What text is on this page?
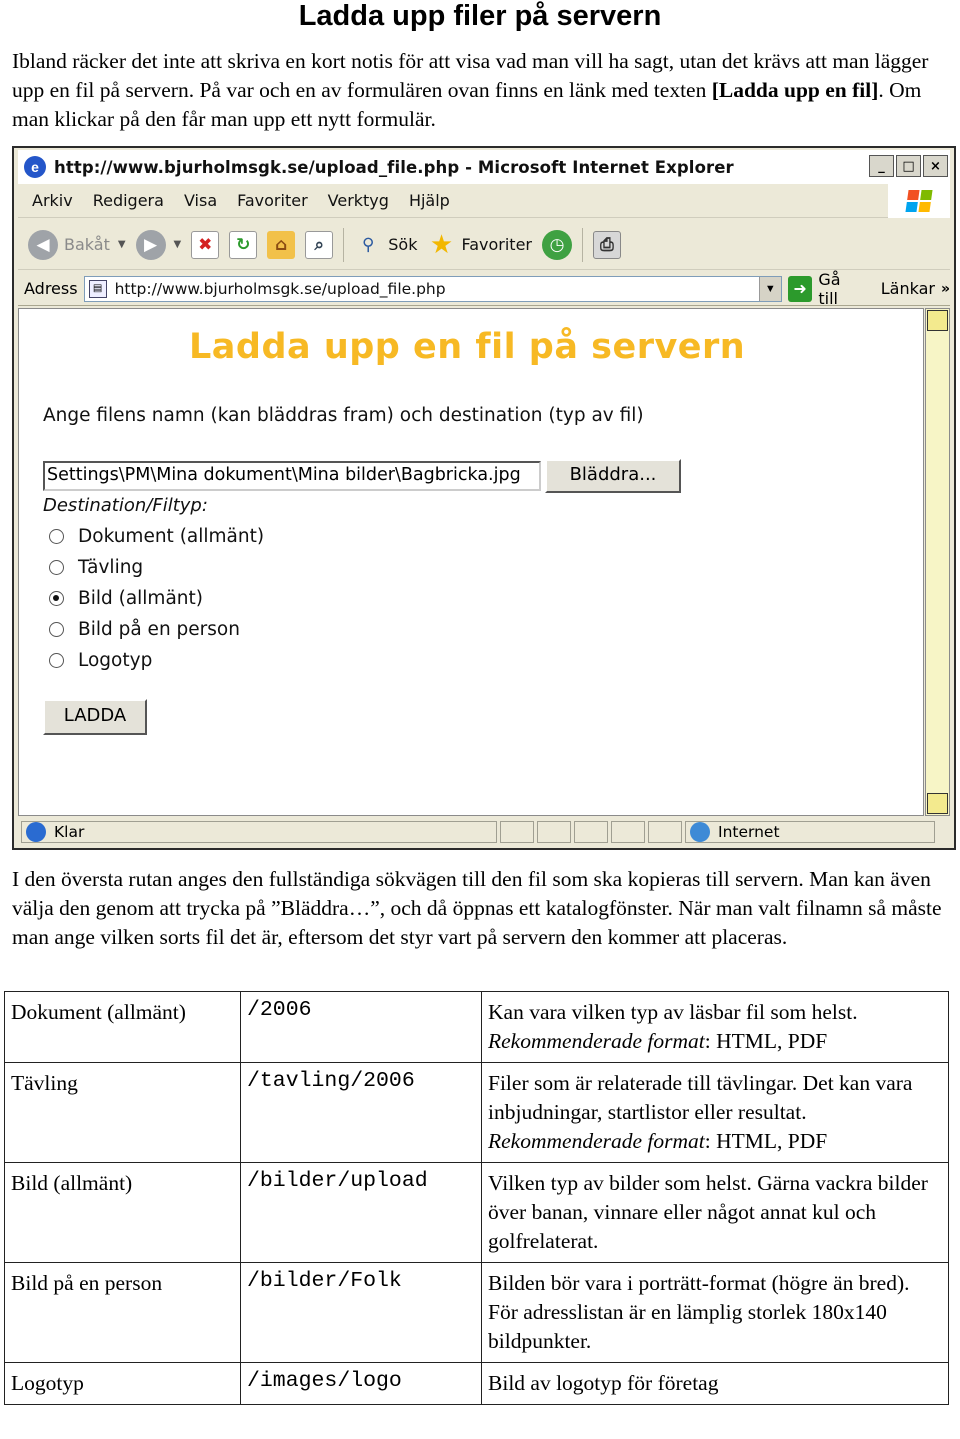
Ladda upp filer på servern
Ibland räcker det inte att skriva en kort notis för att visa vad man vill ha sagt, utan det krävs att man lägger upp en fil på servern. På var och en av formulären ovan finns en länk med texten [Ladda upp en fil]. Om man klickar på den får man upp ett nytt formulär.
e http://www.bjurholmsgk.se/upload_file.php - Microsoft Internet Explorer	_	□	×
Arkiv Redigera Visa Favoriter Verktyg Hjälp
◀ Bakåt ▼	▶	▼ ✖	↻	⌂	⌕	⚲ Sök ★ Favoriter	◷	⎙
Adress	▤ http://www.bjurholmsgk.se/upload_file.php	▼	➜ Gå till	Länkar »
Ladda upp en fil på servern
Ange filens namn (kan bläddras fram) och destination (typ av fil)
Settings\PM\Mina dokument\Mina bilder\Bagbricka.jpg	Bläddra...
Destination/Filtyp:
Dokument (allmänt)
Tävling
Bild (allmänt)
Bild på en person
Logotyp
LADDA
Klar	Internet
I den översta rutan anges den fullständiga sökvägen till den fil som ska kopieras till servern. Man kan även välja den genom att trycka på ”Bläddra…”, och då öppnas ett katalogfönster. När man valt filnamn så måste man ange vilken sorts fil det är, eftersom det styr vart på servern den kommer att placeras.
Dokument (allmänt)	/2006	Kan vara vilken typ av läsbar fil som helst.
Rekommenderade format: HTML, PDF
Tävling	/tavling/2006	Filer som är relaterade till tävlingar. Det kan vara inbjudningar, startlistor eller resultat.
Rekommenderade format: HTML, PDF
Bild (allmänt)	/bilder/upload	Vilken typ av bilder som helst. Gärna vackra bilder över banan, vinnare eller något annat kul och golfrelaterat.
Bild på en person	/bilder/Folk	Bilden bör vara i porträtt-format (högre än bred). För adresslistan är en lämplig storlek 180x140 bildpunkter.
Logotyp	/images/logo	Bild av logotyp för företag
